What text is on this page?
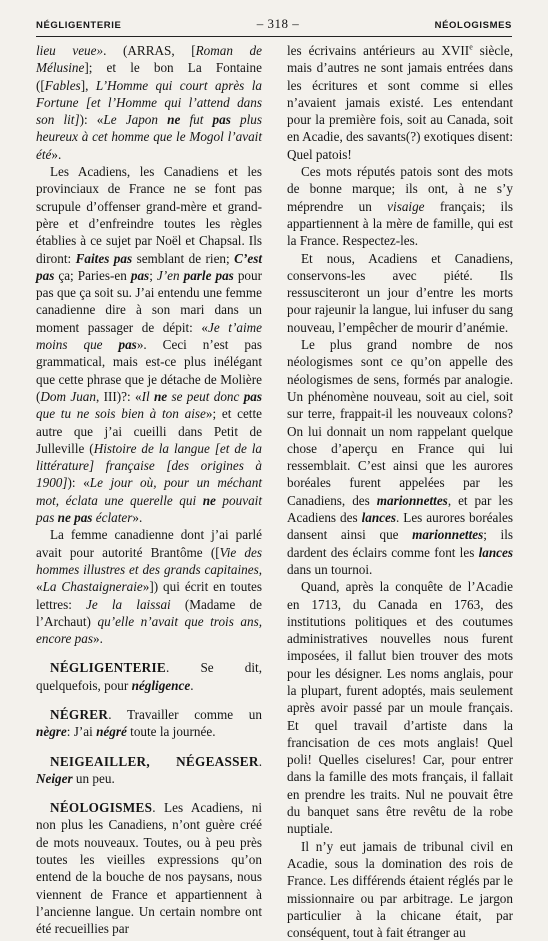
NÉGLIGENTERIE	– 318 –	NÉOLOGISMES

lieu veue». (ARRAS, [Roman de Mélusine]; et le bon La Fontaine ([Fables], L’Homme qui court après la Fortune [et l’Homme qui l’attend dans son lit]): «Le Japon ne fut pas plus heureux à cet homme que le Mogol l’avait été».

Les Acadiens, les Canadiens et les provinciaux de France ne se font pas scrupule d’offenser grand-mère et grand-père et d’enfreindre toutes les règles établies à ce sujet par Noël et Chapsal. Ils diront: Faites pas semblant de rien; C’est pas ça; Paries-en pas; J’en parle pas pour pas que ça soit su. J’ai entendu une femme canadienne dire à son mari dans un moment passager de dépit: «Je t’aime moins que pas». Ceci n’est pas grammatical, mais est-ce plus inélégant que cette phrase que je détache de Molière (Dom Juan, III)?: «Il ne se peut donc pas que tu ne sois bien à ton aise»; et cette autre que j’ai cueilli dans Petit de Julleville (Histoire de la langue [et de la littérature] française [des origines à 1900]): «Le jour où, pour un méchant mot, éclata une querelle qui ne pouvait pas ne pas éclater».

La femme canadienne dont j’ai parlé avait pour autorité Brantôme ([Vie des hommes illustres et des grands capitaines, «La Chastaigneraie»]) qui écrit en toutes lettres: Je la laissai (Madame de l’Archaut) qu’elle n’avait que trois ans, encore pas».

NÉGLIGENTERIE. Se dit, quelquefois, pour négligence.

NÉGRER. Travailler comme un nègre: J’ai négré toute la journée.

NEIGEAILLER, NÉGEASSER. Neiger un peu.

NÉOLOGISMES. Les Acadiens, ni non plus les Canadiens, n’ont guère créé de mots nouveaux. Toutes, ou à peu près toutes les vieilles expressions qu’on entend de la bouche de nos paysans, nous viennent de France et appartiennent à l’ancienne langue. Un certain nombre ont été recueillies par

les écrivains antérieurs au XVIIe siècle, mais d’autres ne sont jamais entrées dans les écritures et sont comme si elles n’avaient jamais existé. Les entendant pour la première fois, soit au Canada, soit en Acadie, des savants(?) exotiques disent: Quel patois!

Ces mots réputés patois sont des mots de bonne marque; ils ont, à ne s’y méprendre un visaige français; ils appartiennent à la mère de famille, qui est la France. Respectez-les.

Et nous, Acadiens et Canadiens, conservons-les avec piété. Ils ressusciteront un jour d’entre les morts pour rajeunir la langue, lui infuser du sang nouveau, l’empêcher de mourir d’anémie.

Le plus grand nombre de nos néologismes sont ce qu’on appelle des néologismes de sens, formés par analogie. Un phénomène nouveau, soit au ciel, soit sur terre, frappait-il les nouveaux colons? On lui donnait un nom rappelant quelque chose d’aperçu en France qui lui ressemblait. C’est ainsi que les aurores boréales furent appelées par les Canadiens, des marionnettes, et par les Acadiens des lances. Les aurores boréales dansent ainsi que marionnettes; ils dardent des éclairs comme font les lances dans un tournoi.

Quand, après la conquête de l’Acadie en 1713, du Canada en 1763, des institutions politiques et des coutumes administratives nouvelles nous furent imposées, il fallut bien trouver des mots pour les désigner. Les noms anglais, pour la plupart, furent adoptés, mais seulement après avoir passé par un moule français. Et quel travail d’artiste dans la francisation de ces mots anglais! Quel poli! Quelles ciselures! Car, pour entrer dans la famille des mots français, il fallait en prendre les traits. Nul ne pouvait être du banquet sans être revêtu de la robe nuptiale.

Il n’y eut jamais de tribunal civil en Acadie, sous la domination des rois de France. Les différends étaient réglés par le missionnaire ou par arbitrage. Le jargon particulier à la chicane était, par conséquent, tout à fait étranger au
